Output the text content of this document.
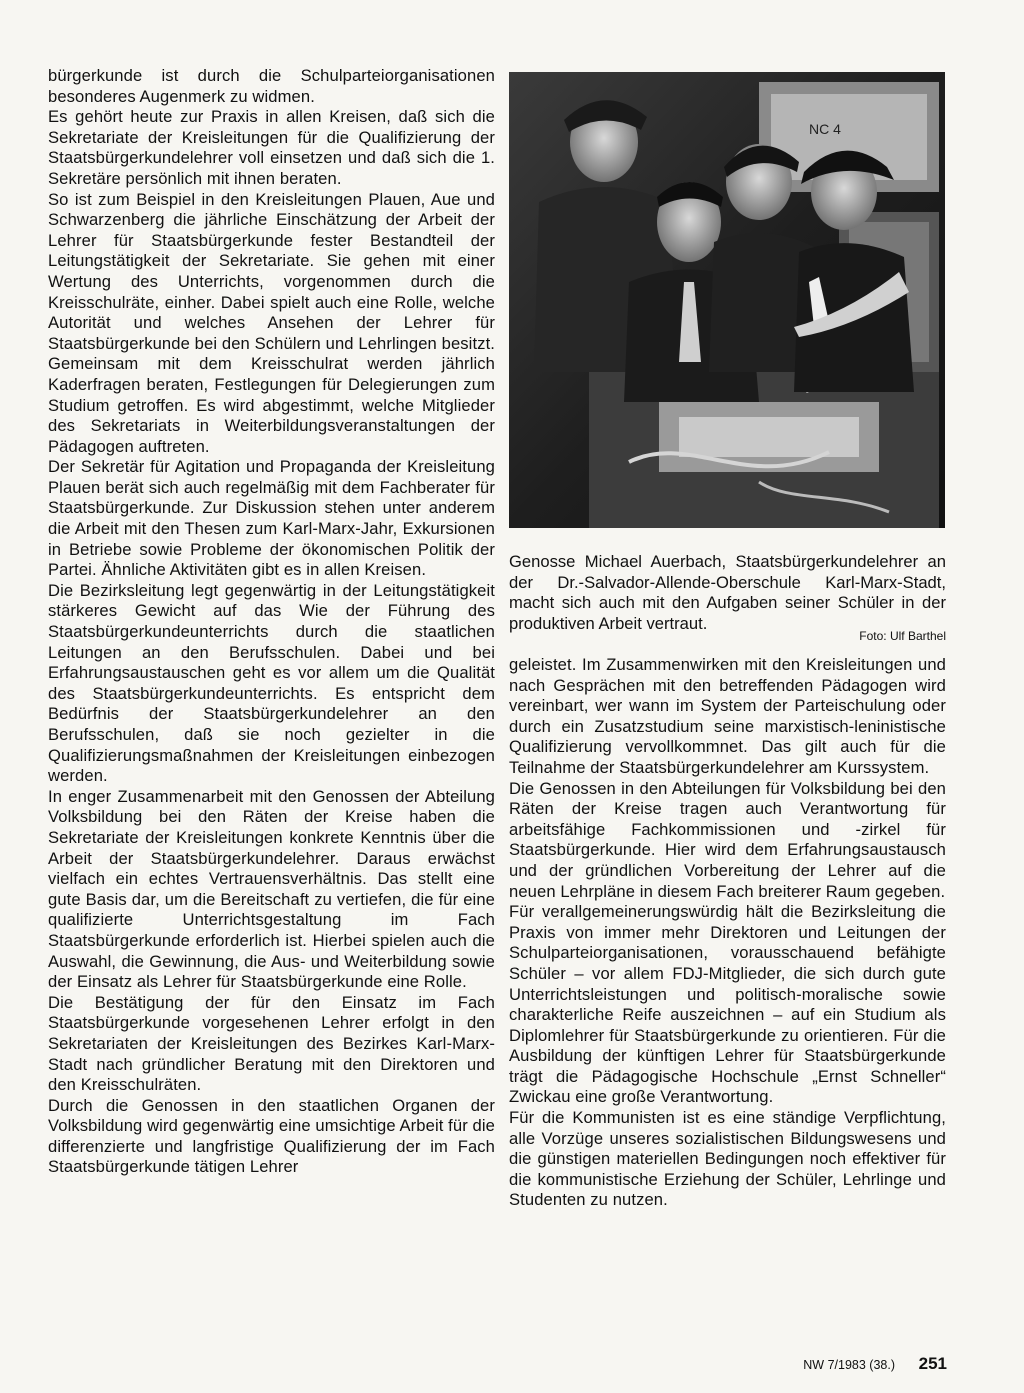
bürgerkunde ist durch die Schulparteiorganisationen besonderes Augenmerk zu widmen.

Es gehört heute zur Praxis in allen Kreisen, daß sich die Sekretariate der Kreisleitungen für die Qualifizierung der Staatsbürgerkundelehrer voll einsetzen und daß sich die 1. Sekretäre persönlich mit ihnen beraten.

So ist zum Beispiel in den Kreisleitungen Plauen, Aue und Schwarzenberg die jährliche Einschätzung der Arbeit der Lehrer für Staatsbürgerkunde fester Bestandteil der Leitungstätigkeit der Sekretariate. Sie gehen mit einer Wertung des Unterrichts, vorgenommen durch die Kreisschulräte, einher. Dabei spielt auch eine Rolle, welche Autorität und welches Ansehen der Lehrer für Staatsbürgerkunde bei den Schülern und Lehrlingen besitzt. Gemeinsam mit dem Kreisschulrat werden jährlich Kaderfragen beraten, Festlegungen für Delegierungen zum Studium getroffen. Es wird abgestimmt, welche Mitglieder des Sekretariats in Weiterbildungsveranstaltungen der Pädagogen auftreten.

Der Sekretär für Agitation und Propaganda der Kreisleitung Plauen berät sich auch regelmäßig mit dem Fachberater für Staatsbürgerkunde. Zur Diskussion stehen unter anderem die Arbeit mit den Thesen zum Karl-Marx-Jahr, Exkursionen in Betriebe sowie Probleme der ökonomischen Politik der Partei. Ähnliche Aktivitäten gibt es in allen Kreisen.

Die Bezirksleitung legt gegenwärtig in der Leitungstätigkeit stärkeres Gewicht auf das Wie der Führung des Staatsbürgerkundeunterrichts durch die staatlichen Leitungen an den Berufsschulen. Dabei und bei Erfahrungsaustauschen geht es vor allem um die Qualität des Staatsbürgerkundeunterrichts. Es entspricht dem Bedürfnis der Staatsbürgerkundelehrer an den Berufsschulen, daß sie noch gezielter in die Qualifizierungsmaßnahmen der Kreisleitungen einbezogen werden.

In enger Zusammenarbeit mit den Genossen der Abteilung Volksbildung bei den Räten der Kreise haben die Sekretariate der Kreisleitungen konkrete Kenntnis über die Arbeit der Staatsbürgerkundelehrer. Daraus erwächst vielfach ein echtes Vertrauensverhältnis. Das stellt eine gute Basis dar, um die Bereitschaft zu vertiefen, die für eine qualifizierte Unterrichtsgestaltung im Fach Staatsbürgerkunde erforderlich ist. Hierbei spielen auch die Auswahl, die Gewinnung, die Aus- und Weiterbildung sowie der Einsatz als Lehrer für Staatsbürgerkunde eine Rolle.

Die Bestätigung der für den Einsatz im Fach Staatsbürgerkunde vorgesehenen Lehrer erfolgt in den Sekretariaten der Kreisleitungen des Bezirkes Karl-Marx-Stadt nach gründlicher Beratung mit den Direktoren und den Kreisschulräten.

Durch die Genossen in den staatlichen Organen der Volksbildung wird gegenwärtig eine umsichtige Arbeit für die differenzierte und langfristige Qualifizierung der im Fach Staatsbürgerkunde tätigen Lehrer

NC 4
Genosse Michael Auerbach, Staatsbürgerkundelehrer an der Dr.-Salvador-Allende-Oberschule Karl-Marx-Stadt, macht sich auch mit den Aufgaben seiner Schüler in der produktiven Arbeit vertraut.
Foto: Ulf Barthel

geleistet. Im Zusammenwirken mit den Kreisleitungen und nach Gesprächen mit den betreffenden Pädagogen wird vereinbart, wer wann im System der Parteischulung oder durch ein Zusatzstudium seine marxistisch-leninistische Qualifizierung vervollkommnet. Das gilt auch für die Teilnahme der Staatsbürgerkundelehrer am Kurssystem.

Die Genossen in den Abteilungen für Volksbildung bei den Räten der Kreise tragen auch Verantwortung für arbeitsfähige Fachkommissionen und -zirkel für Staatsbürgerkunde. Hier wird dem Erfahrungsaustausch und der gründlichen Vorbereitung der Lehrer auf die neuen Lehrpläne in diesem Fach breiterer Raum gegeben.

Für verallgemeinerungswürdig hält die Bezirksleitung die Praxis von immer mehr Direktoren und Leitungen der Schulparteiorganisationen, vorausschauend befähigte Schüler – vor allem FDJ-Mitglieder, die sich durch gute Unterrichtsleistungen und politisch-moralische sowie charakterliche Reife auszeichnen – auf ein Studium als Diplomlehrer für Staatsbürgerkunde zu orientieren. Für die Ausbildung der künftigen Lehrer für Staatsbürgerkunde trägt die Pädagogische Hochschule „Ernst Schneller“ Zwickau eine große Verantwortung.

Für die Kommunisten ist es eine ständige Verpflichtung, alle Vorzüge unseres sozialistischen Bildungswesens und die günstigen materiellen Bedingungen noch effektiver für die kommunistische Erziehung der Schüler, Lehrlinge und Studenten zu nutzen.

NW 7/1983 (38.)	251
